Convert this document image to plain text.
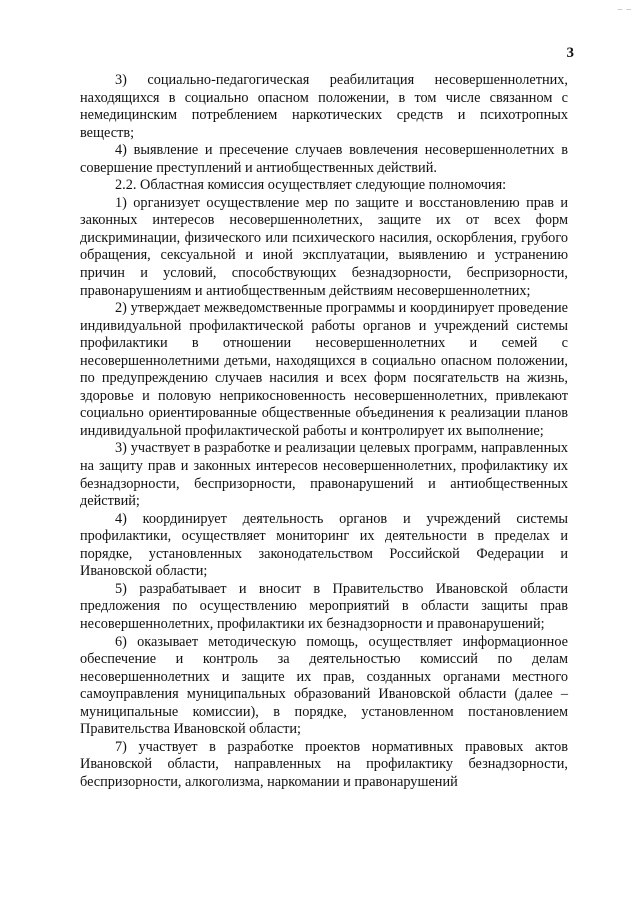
– –
3

3) социально-педагогическая реабилитация несовершеннолетних, находящихся в социально опасном положении, в том числе связанном с немедицинским потреблением наркотических средств и психотропных веществ;

4) выявление и пресечение случаев вовлечения несовершеннолетних в совершение преступлений и антиобщественных действий.

2.2. Областная комиссия осуществляет следующие полномочия:

1) организует осуществление мер по защите и восстановлению прав и законных интересов несовершеннолетних, защите их от всех форм дискриминации, физического или психического насилия, оскорбления, грубого обращения, сексуальной и иной эксплуатации, выявлению и устранению причин и условий, способствующих безнадзорности, беспризорности, правонарушениям и антиобщественным действиям несовершеннолетних;

2) утверждает межведомственные программы и координирует проведение индивидуальной профилактической работы органов и учреждений системы профилактики в отношении несовершеннолетних и семей с несовершеннолетними детьми, находящихся в социально опасном положении, по предупреждению случаев насилия и всех форм посягательств на жизнь, здоровье и половую неприкосновенность несовершеннолетних, привлекают социально ориентированные общественные объединения к реализации планов индивидуальной профилактической работы и контролирует их выполнение;

3) участвует в разработке и реализации целевых программ, направленных на защиту прав и законных интересов несовершеннолетних, профилактику их безнадзорности, беспризорности, правонарушений и антиобщественных действий;

4) координирует деятельность органов и учреждений системы профилактики, осуществляет мониторинг их деятельности в пределах и порядке, установленных законодательством Российской Федерации и Ивановской области;

5) разрабатывает и вносит в Правительство Ивановской области предложения по осуществлению мероприятий в области защиты прав несовершеннолетних, профилактики их безнадзорности и правонарушений;

6) оказывает методическую помощь, осуществляет информационное обеспечение и контроль за деятельностью комиссий по делам несовершеннолетних и защите их прав, созданных органами местного самоуправления муниципальных образований Ивановской области (далее – муниципальные комиссии), в порядке, установленном постановлением Правительства Ивановской области;

7) участвует в разработке проектов нормативных правовых актов Ивановской области, направленных на профилактику безнадзорности, беспризорности, алкоголизма, наркомании и правонарушений
